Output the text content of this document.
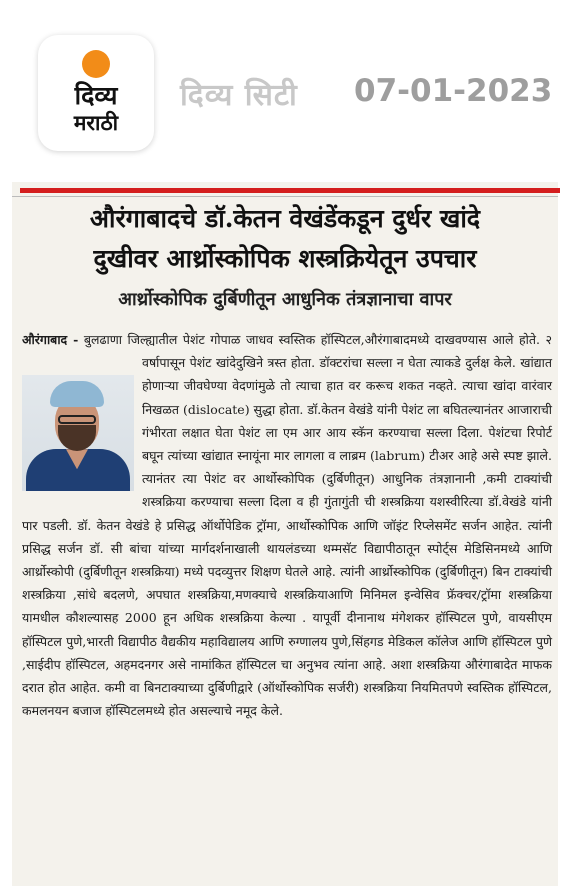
दिव्य
मराठी
दिव्य सिटी 07-01-2023
औरंगाबादचे डॉ.केतन वेखंडेंकडून दुर्धर खांदे
दुखीवर आर्थ्रोस्कोपिक शस्त्रक्रियेतून उपचार
आर्थ्रोस्कोपिक दुर्बिणीतून आधुनिक तंत्रज्ञानाचा वापर
औरंगाबाद - बुलढाणा जिल्ह्यातील पेशंट गोपाळ जाधव स्वस्तिक हॉस्पिटल,औरंगाबादमध्ये दाखवण्यास आले होते. २ वर्षापासून पेशंट खांदेदुखिने त्रस्त होता. डॉक्टरांचा सल्ला न घेता त्याकडे दुर्लक्ष केले. खांद्यात होणाऱ्या जीवघेण्या वेदणांमुळे तो त्याचा हात वर करूच शकत नव्हते. त्याचा खांदा वारंवार निखळत (dislocate) सुद्धा होता. डॉ.केतन वेखंडे यांनी पेशंट ला बघितल्यानंतर आजाराची गंभीरता लक्षात घेता पेशंट ला एम आर आय स्कॅन करण्याचा सल्ला दिला. पेशंटचा रिपोर्ट बघून त्यांच्या खांद्यात स्नायूंना मार लागला व लाब्रम (labrum) टीअर आहे असे स्पष्ट झाले. त्यानंतर त्या पेशंट वर आर्थोस्कोपिक (दुर्बिणीतून) आधुनिक तंत्रज्ञानानी ,कमी टाक्यांची शस्त्रक्रिया करण्याचा सल्ला दिला व ही गुंतागुंती ची शस्त्रक्रिया यशस्वीरित्या डॉ.वेखंडे यांनी पार पडली. डॉ. केतन वेखंडे हे प्रसिद्ध ऑर्थोपेडिक ट्रॉमा, आर्थोस्कोपिक आणि जॉइंट रिप्लेसमेंट सर्जन आहेत. त्यांनी प्रसिद्ध सर्जन डॉ. सी बांचा यांच्या मार्गदर्शनाखाली थायलंडच्या थम्मसॅट विद्यापीठातून स्पोर्ट्स मेडिसिनमध्ये आणि आर्थ्रोस्कोपी (दुर्बिणीतून शस्त्रक्रिया) मध्ये पदव्युत्तर शिक्षण घेतले आहे. त्यांनी आर्थ्रोस्कोपिक (दुर्बिणीतून) बिन टाक्यांची शस्त्रक्रिया ,सांधे बदलणे, अपघात शस्त्रक्रिया,मणक्याचे शस्त्रक्रियाआणि मिनिमल इन्वेसिव फ्रॅक्चर/ट्रॉमा शस्त्रक्रिया यामधील कौशल्यासह 2000 हून अधिक शस्त्रक्रिया केल्या . यापूर्वी दीनानाथ मंगेशकर हॉस्पिटल पुणे, वायसीएम हॉस्पिटल पुणे,भारती विद्यापीठ वैद्यकीय महाविद्यालय आणि रुग्णालय पुणे,सिंहगड मेडिकल कॉलेज आणि हॉस्पिटल पुणे ,साईदीप हॉस्पिटल, अहमदनगर असे नामांकित हॉस्पिटल चा अनुभव त्यांना आहे. अशा शस्त्रक्रिया औरंगाबादेत माफक दरात होत आहेत. कमी वा बिनटाक्याच्या दुर्बिणीद्वारे (ऑर्थोस्कोपिक सर्जरी) शस्त्रक्रिया नियमितपणे स्वस्तिक हॉस्पिटल, कमलनयन बजाज हॉस्पिटलमध्ये होत असल्याचे नमूद केले.
